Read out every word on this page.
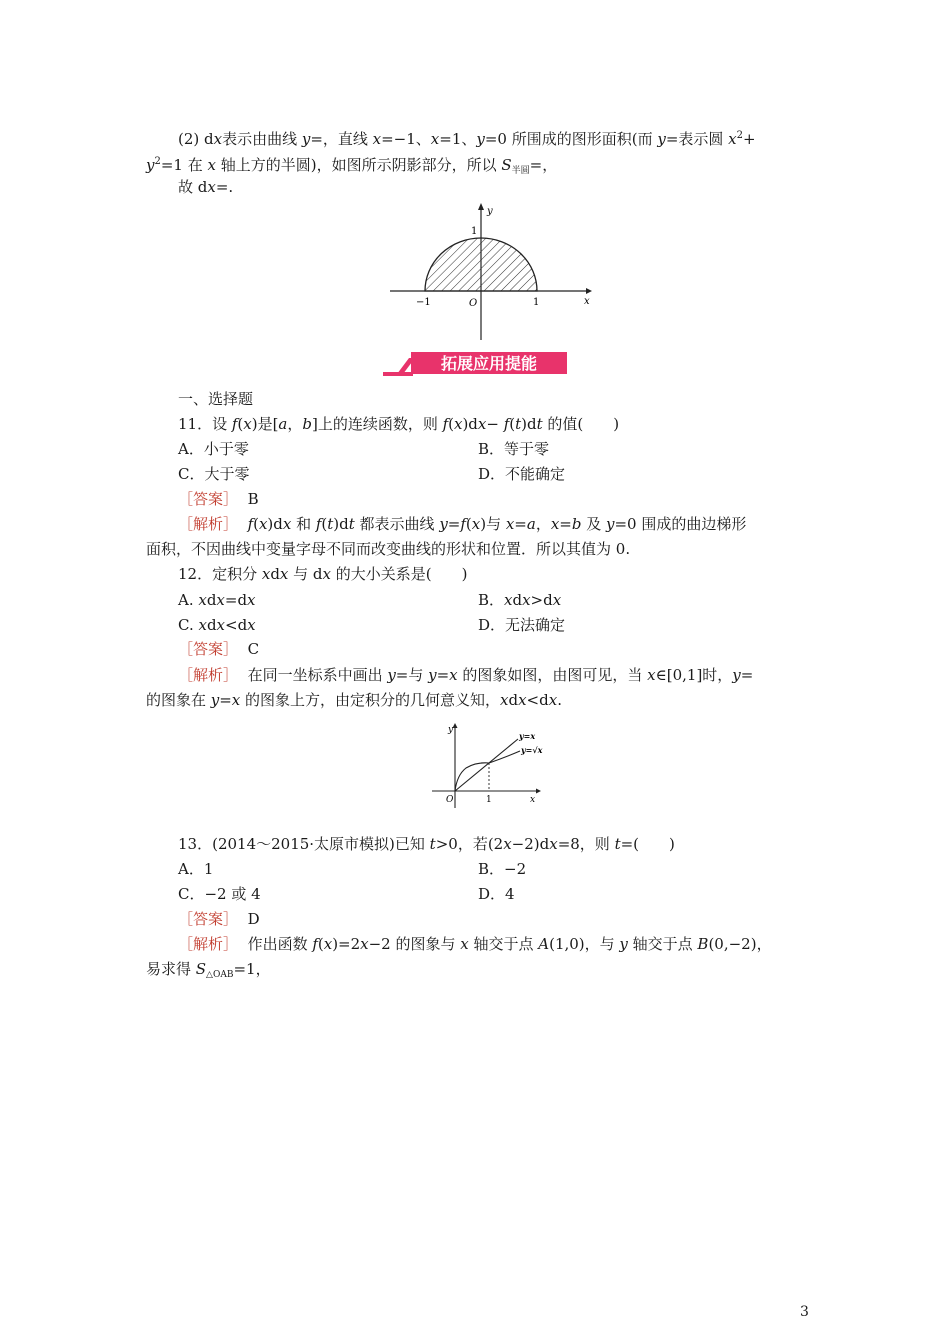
(2) d𝑥表示由曲线 𝑦=，直线 𝑥=−1、𝑥=1、𝑦=0 所围成的图形面积(而 𝑦=表示圆 𝑥$^2$+
𝑦$^2$=1 在 𝑥 轴上方的半圆)，如图所示阴影部分，所以 𝑆$_{半圆}$=，
故 d𝑥=.
y
x
1
−1	O	1
拓展应用提能
一、选择题
11．设 𝑓(𝑥)是[𝑎，𝑏]上的连续函数，则 𝑓(𝑥)d𝑥− 𝑓(𝑡)d𝑡 的值(　　)
A．小于零	B．等于零
C．大于零	D．不能确定
［答案］ B
［解析］ 𝑓(𝑥)d𝑥 和 𝑓(𝑡)d𝑡 都表示曲线 𝑦=𝑓(𝑥)与 𝑥=𝑎，𝑥=𝑏 及 𝑦=0 围成的曲边梯形
面积，不因曲线中变量字母不同而改变曲线的形状和位置．所以其值为 0.
12．定积分 𝑥d𝑥 与 d𝑥 的大小关系是(　　)
A. 𝑥d𝑥=d𝑥	B．𝑥d𝑥>d𝑥
C. 𝑥d𝑥<d𝑥	D．无法确定
［答案］ C
［解析］ 在同一坐标系中画出 𝑦=与 𝑦=𝑥 的图象如图，由图可见，当 𝑥∈[0,1]时，𝑦=
的图象在 𝑦=𝑥 的图象上方，由定积分的几何意义知，𝑥d𝑥<d𝑥.
y
x
O	1
y=x
y=√x
13．(2014～2015·太原市模拟)已知 𝑡>0，若(2𝑥−2)d𝑥=8，则 𝑡=(　　)
A．1	B．−2
C．−2 或 4	D．4
［答案］ D
［解析］ 作出函数 𝑓(𝑥)=2𝑥−2 的图象与 𝑥 轴交于点 𝐴(1,0)，与 𝑦 轴交于点 𝐵(0,−2)，
易求得 𝑆$_{\triangle OAB}$=1，
3
